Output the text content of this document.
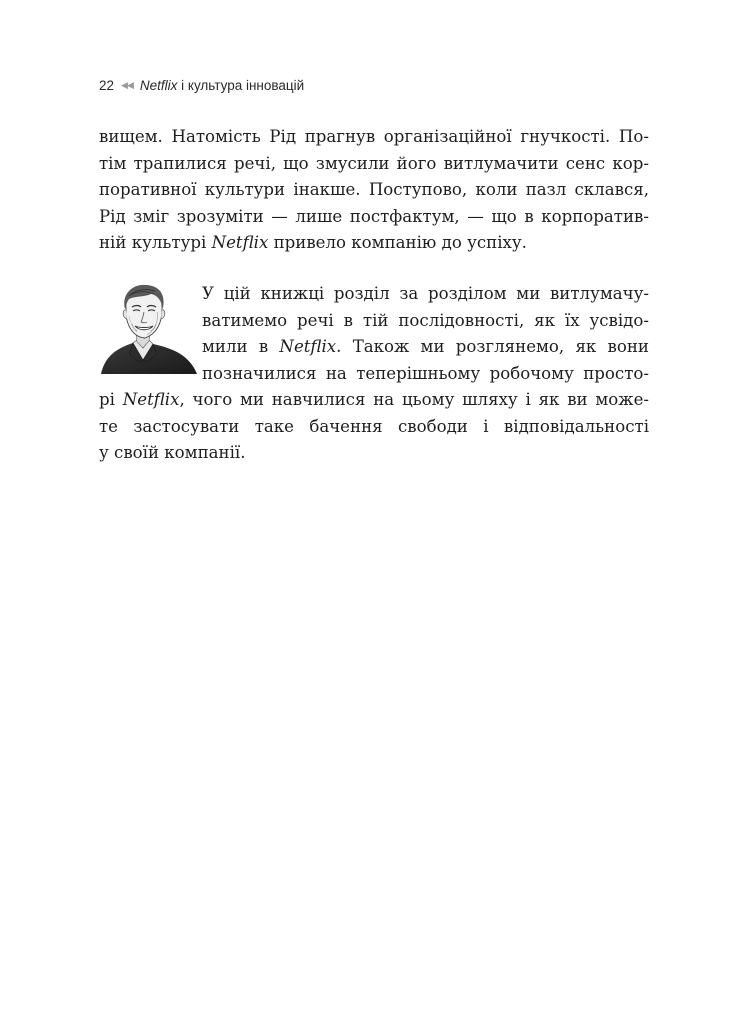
22 ◀◀ Netflix і культура інновацій
вищем. Натомість Рід прагнув організаційної гнучкості. По-
тім трапилися речі, що змусили його витлумачити сенс кор-
поративної культури інакше. Поступово, коли пазл склався,
Рід зміг зрозуміти — лише постфактум, — що в корпоратив-
ній культурі Netflix привело компанію до успіху.
У цій книжці розділ за розділом ми витлумачу-
ватимемо речі в тій послідовності, як їх усвідо-
мили в Netflix. Також ми розглянемо, як вони
позначилися на теперішньому робочому просто-
рі Netflix, чого ми навчилися на цьому шляху і як ви може-
те застосувати таке бачення свободи і відповідальності
у своїй компанії.
